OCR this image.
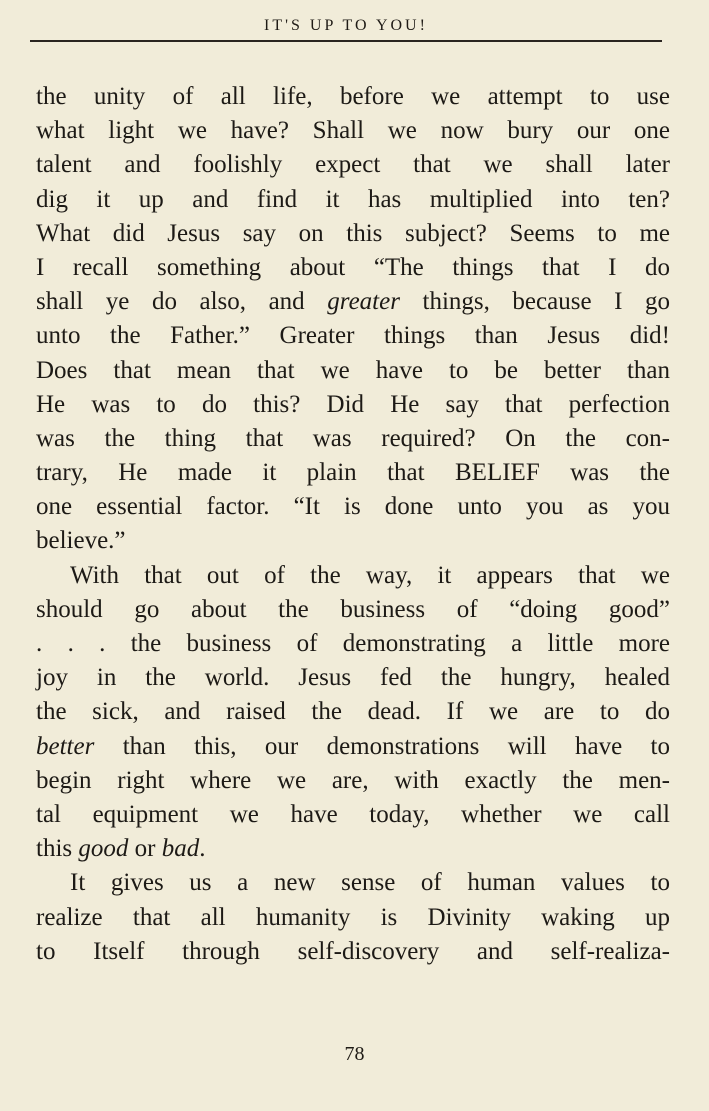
IT'S UP TO YOU!
the unity of all life, before we attempt to use
what light we have? Shall we now bury our one
talent and foolishly expect that we shall later
dig it up and find it has multiplied into ten?
What did Jesus say on this subject? Seems to me
I recall something about “The things that I do
shall ye do also, and greater things, because I go
unto the Father.” Greater things than Jesus did!
Does that mean that we have to be better than
He was to do this? Did He say that perfection
was the thing that was required? On the con-
trary, He made it plain that BELIEF was the
one essential factor. “It is done unto you as you
believe.”
With that out of the way, it appears that we
should go about the business of “doing good”
. . . the business of demonstrating a little more
joy in the world. Jesus fed the hungry, healed
the sick, and raised the dead. If we are to do
better than this, our demonstrations will have to
begin right where we are, with exactly the men-
tal equipment we have today, whether we call
this good or bad.
It gives us a new sense of human values to
realize that all humanity is Divinity waking up
to Itself through self-discovery and self-realiza-
78
